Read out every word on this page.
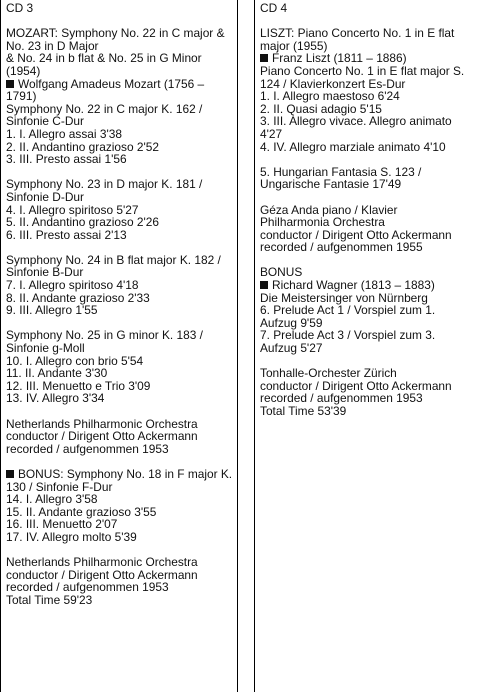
CD 3
MOZART: Symphony No. 22 in C major &
No. 23 in D Major
& No. 24 in b flat & No. 25 in G Minor
(1954)
Wolfgang Amadeus Mozart (1756 –
1791)
Symphony No. 22 in C major K. 162 /
Sinfonie C-Dur
1. I. Allegro assai 3'38
2. II. Andantino grazioso 2'52
3. III. Presto assai 1'56
Symphony No. 23 in D major K. 181 /
Sinfonie D-Dur
4. I. Allegro spiritoso 5'27
5. II. Andantino grazioso 2'26
6. III. Presto assai 2'13
Symphony No. 24 in B flat major K. 182 /
Sinfonie B-Dur
7. I. Allegro spiritoso 4'18
8. II. Andante grazioso 2'33
9. III. Allegro 1'55
Symphony No. 25 in G minor K. 183 /
Sinfonie g-Moll
10. I. Allegro con brio 5'54
11. II. Andante 3'30
12. III. Menuetto e Trio 3'09
13. IV. Allegro 3'34
Netherlands Philharmonic Orchestra
conductor / Dirigent Otto Ackermann
recorded / aufgenommen 1953
BONUS: Symphony No. 18 in F major K.
130 / Sinfonie F-Dur
14. I. Allegro 3'58
15. II. Andante grazioso 3'55
16. III. Menuetto 2'07
17. IV. Allegro molto 5'39
Netherlands Philharmonic Orchestra
conductor / Dirigent Otto Ackermann
recorded / aufgenommen 1953
Total Time 59'23
CD 4
LISZT: Piano Concerto No. 1 in E flat
major (1955)
Franz Liszt (1811 – 1886)
Piano Concerto No. 1 in E flat major S.
124 / Klavierkonzert Es-Dur
1. I. Allegro maestoso 6'24
2. II. Quasi adagio 5'15
3. III. Allegro vivace. Allegro animato
4'27
4. IV. Allegro marziale animato 4'10
5. Hungarian Fantasia S. 123 /
Ungarische Fantasie 17'49
Géza Anda piano / Klavier
Philharmonia Orchestra
conductor / Dirigent Otto Ackermann
recorded / aufgenommen 1955
BONUS
Richard Wagner (1813 – 1883)
Die Meistersinger von Nürnberg
6. Prelude Act 1 / Vorspiel zum 1.
Aufzug 9'59
7. Prelude Act 3 / Vorspiel zum 3.
Aufzug 5'27
Tonhalle-Orchester Zürich
conductor / Dirigent Otto Ackermann
recorded / aufgenommen 1953
Total Time 53'39
